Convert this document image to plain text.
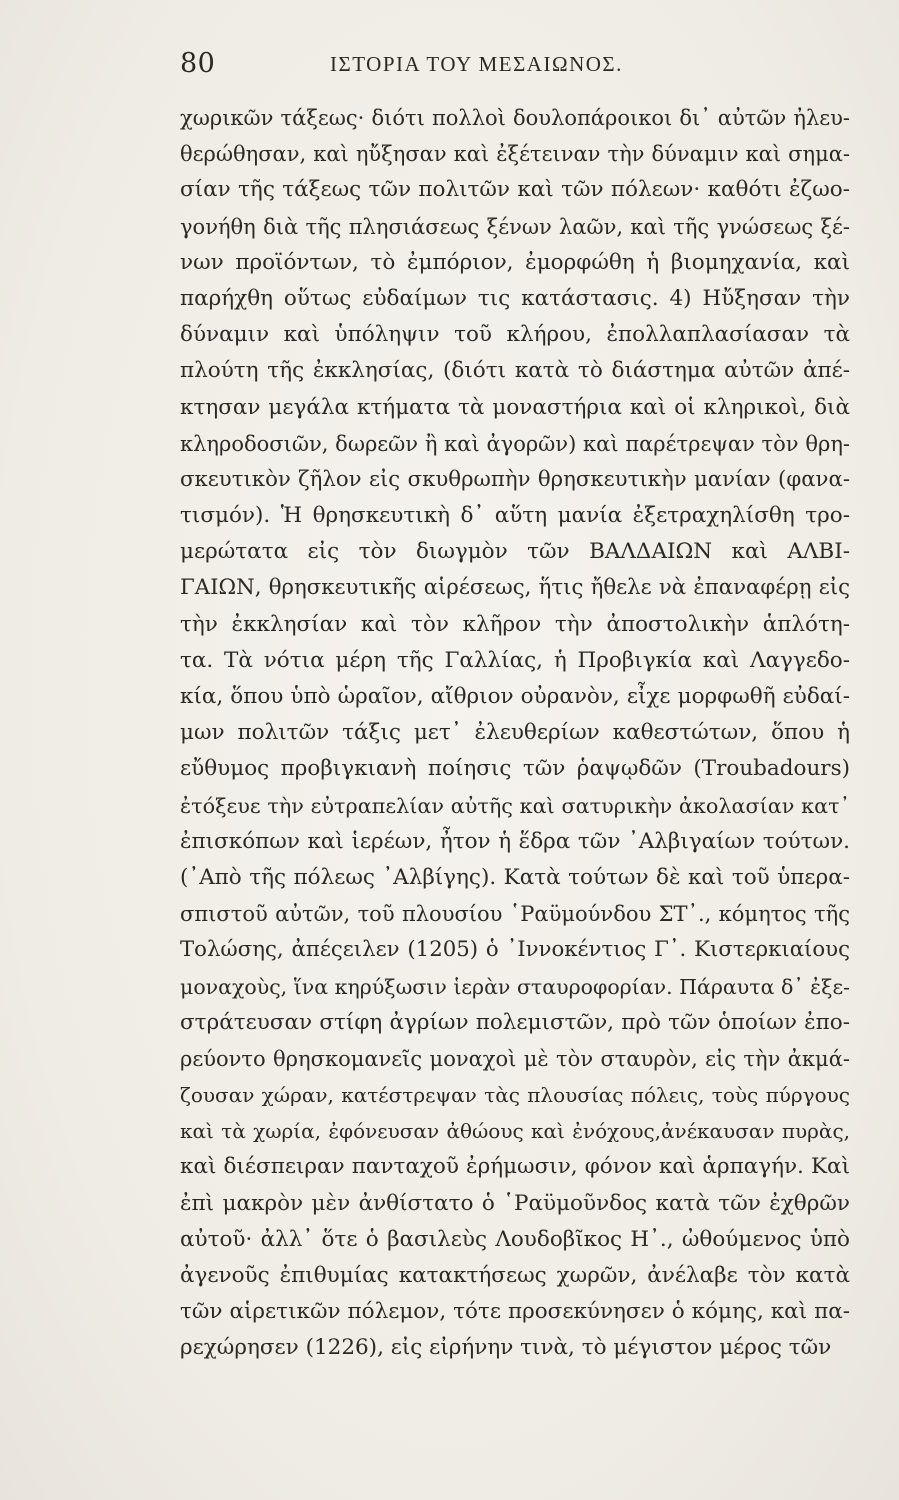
80	ΙΣΤΟΡΙΑ ΤΟΥ ΜΕΣΑΙΩΝΟΣ.
χωρικῶν τάξεως· διότι πολλοὶ δουλοπάροικοι δι᾽ αὐτῶν ἠλευ-
θερώθησαν, καὶ ηὔξησαν καὶ ἐξέτειναν τὴν δύναμιν καὶ σημα-
σίαν τῆς τάξεως τῶν πολιτῶν καὶ τῶν πόλεων· καθότι ἐζωο-
γονήθη διὰ τῆς πλησιάσεως ξένων λαῶν, καὶ τῆς γνώσεως ξέ-
νων προϊόντων, τὸ ἐμπόριον, ἐμορφώθη ἡ βιομηχανία, καὶ
παρήχθη οὕτως εὐδαίμων τις κατάστασις. 4) Ηὔξησαν τὴν
δύναμιν καὶ ὑπόληψιν τοῦ κλήρου, ἐπολλαπλασίασαν τὰ
πλούτη τῆς ἐκκλησίας, (διότι κατὰ τὸ διάστημα αὐτῶν ἀπέ-
κτησαν μεγάλα κτήματα τὰ μοναστήρια καὶ οἱ κληρικοὶ, διὰ
κληροδοσιῶν, δωρεῶν ἢ καὶ ἀγορῶν) καὶ παρέτρεψαν τὸν θρη-
σκευτικὸν ζῆλον εἰς σκυθρωπὴν θρησκευτικὴν μανίαν (φανα-
τισμόν). Ἡ θρησκευτικὴ δ᾽ αὕτη μανία ἐξετραχηλίσθη τρο-
μερώτατα εἰς τὸν διωγμὸν τῶν ΒΑΛΔΑΙΩΝ καὶ ΑΛΒΙ-
ΓΑΙΩΝ, θρησκευτικῆς αἱρέσεως, ἥτις ἤθελε νὰ ἐπαναφέρῃ εἰς
τὴν ἐκκλησίαν καὶ τὸν κλῆρον τὴν ἀποστολικὴν ἁπλότη-
τα. Τὰ νότια μέρη τῆς Γαλλίας, ἡ Προβιγκία καὶ Λαγγεδο-
κία, ὅπου ὑπὸ ὡραῖον, αἴθριον οὐρανὸν, εἶχε μορφωθῆ εὐδαί-
μων πολιτῶν τάξις μετ᾽ ἐλευθερίων καθεστώτων, ὅπου ἡ
εὔθυμος προβιγκιανὴ ποίησις τῶν ῥαψῳδῶν (Troubadours)
ἐτόξευε τὴν εὐτραπελίαν αὐτῆς καὶ σατυρικὴν ἀκολασίαν κατ᾽
ἐπισκόπων καὶ ἱερέων, ἦτον ἡ ἕδρα τῶν ᾿Αλβιγαίων τούτων.
(᾿Απὸ τῆς πόλεως ᾿Αλβίγης). Κατὰ τούτων δὲ καὶ τοῦ ὑπερα-
σπιστοῦ αὐτῶν, τοῦ πλουσίου ῾Ραϋμούνδου ΣΤ᾽., κόμητος τῆς
Τολώσης, ἀπέςειλεν (1205) ὁ ᾿Ιννοκέντιος Γ᾽. Κιστερκιαίους
μοναχοὺς, ἵνα κηρύξωσιν ἱερὰν σταυροφορίαν. Πάραυτα δ᾽ ἐξε-
στράτευσαν στίφη ἀγρίων πολεμιστῶν, πρὸ τῶν ὁποίων ἐπο-
ρεύοντο θρησκομανεῖς μοναχοὶ μὲ τὸν σταυρὸν, εἰς τὴν ἀκμά-
ζουσαν χώραν, κατέστρεψαν τὰς πλουσίας πόλεις, τοὺς πύργους
καὶ τὰ χωρία, ἐφόνευσαν ἀθώους καὶ ἐνόχους,ἀνέκαυσαν πυρὰς,
καὶ διέσπειραν πανταχοῦ ἐρήμωσιν, φόνον καὶ ἁρπαγήν. Καὶ
ἐπὶ μακρὸν μὲν ἀνθίστατο ὁ ῾Ραϋμοῦνδος κατὰ τῶν ἐχθρῶν
αὐτοῦ· ἀλλ᾽ ὅτε ὁ βασιλεὺς Λουδοβῖκος Η᾽., ὠθούμενος ὑπὸ
ἀγενοῦς ἐπιθυμίας κατακτήσεως χωρῶν, ἀνέλαβε τὸν κατὰ
τῶν αἱρετικῶν πόλεμον, τότε προσεκύνησεν ὁ κόμης, καὶ πα-
ρεχώρησεν (1226), εἰς εἰρήνην τινὰ, τὸ μέγιστον μέρος τῶν
